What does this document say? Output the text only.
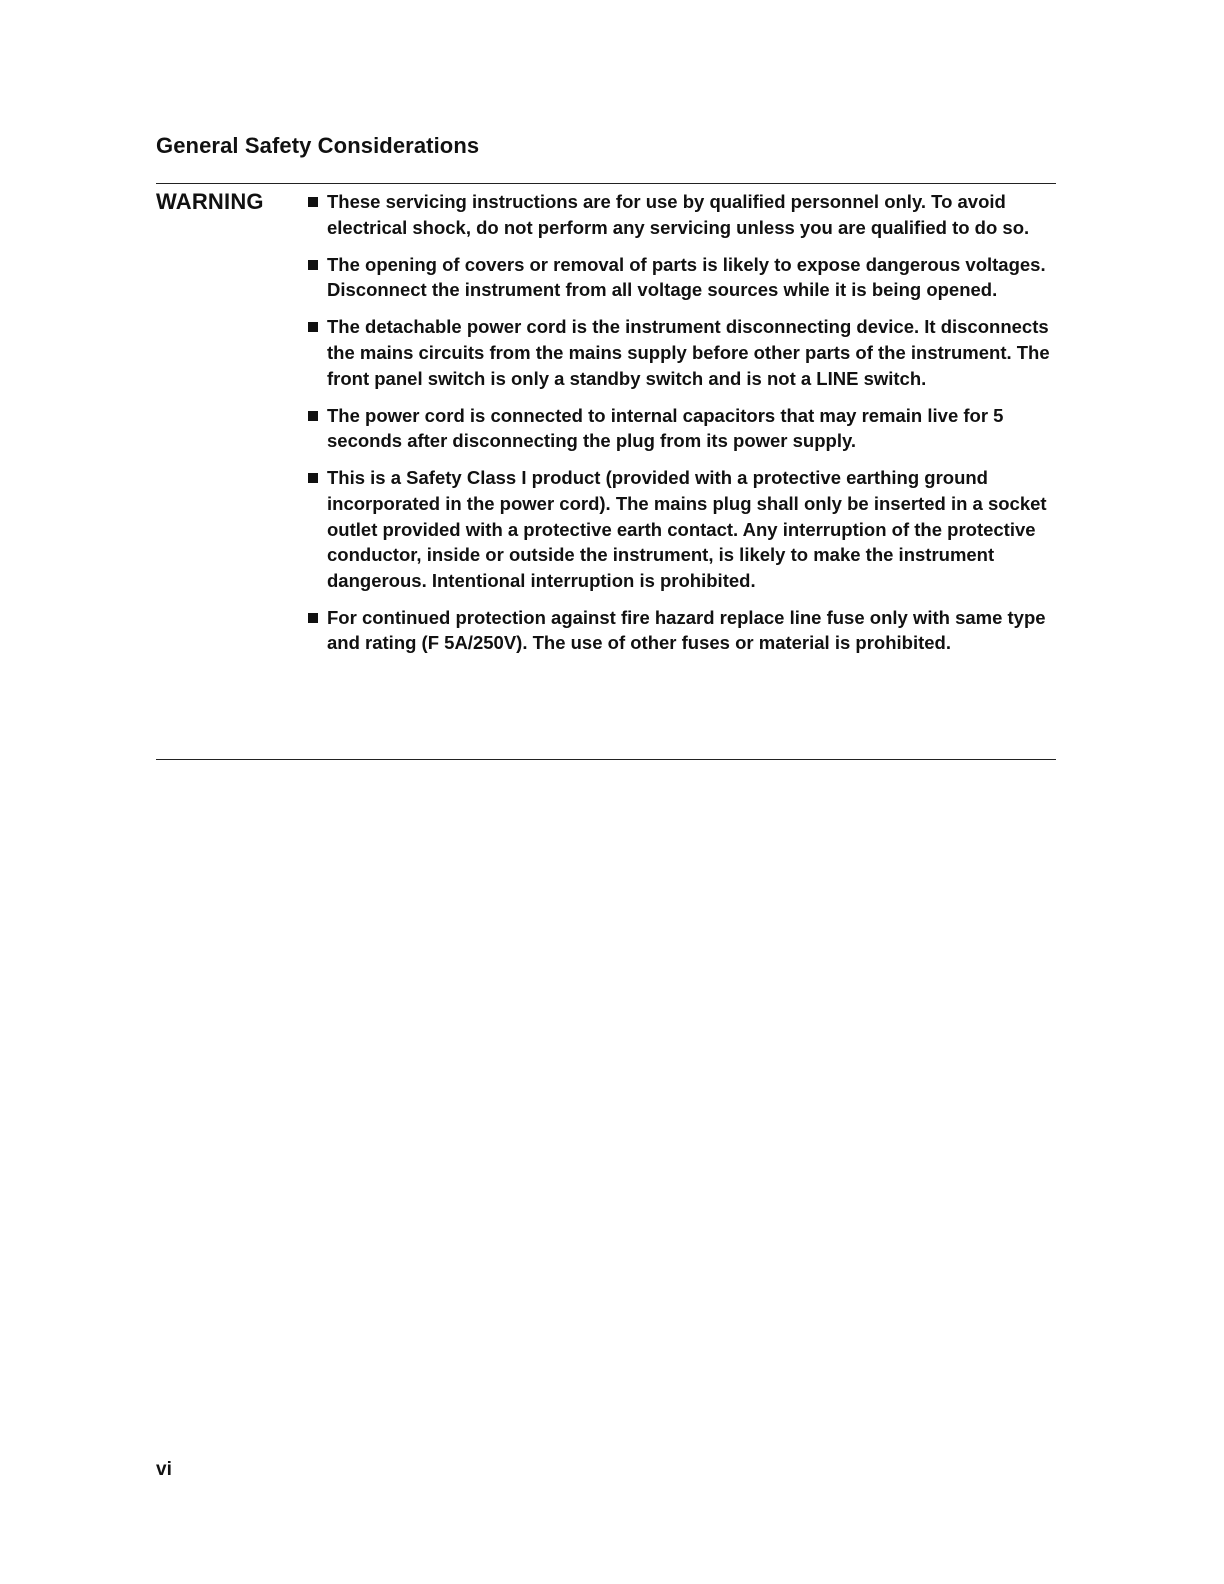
General Safety Considerations
WARNING	These servicing instructions are for use by qualified personnel only. To avoid electrical shock, do not perform any servicing unless you are qualified to do so.
The opening of covers or removal of parts is likely to expose dangerous voltages. Disconnect the instrument from all voltage sources while it is being opened.
The detachable power cord is the instrument disconnecting device. It disconnects the mains circuits from the mains supply before other parts of the instrument. The front panel switch is only a standby switch and is not a LINE switch.
The power cord is connected to internal capacitors that may remain live for 5 seconds after disconnecting the plug from its power supply.
This is a Safety Class I product (provided with a protective earthing ground incorporated in the power cord). The mains plug shall only be inserted in a socket outlet provided with a protective earth contact. Any interruption of the protective conductor, inside or outside the instrument, is likely to make the instrument dangerous. Intentional interruption is prohibited.
For continued protection against fire hazard replace line fuse only with same type and rating (F 5A/250V). The use of other fuses or material is prohibited.
vi
